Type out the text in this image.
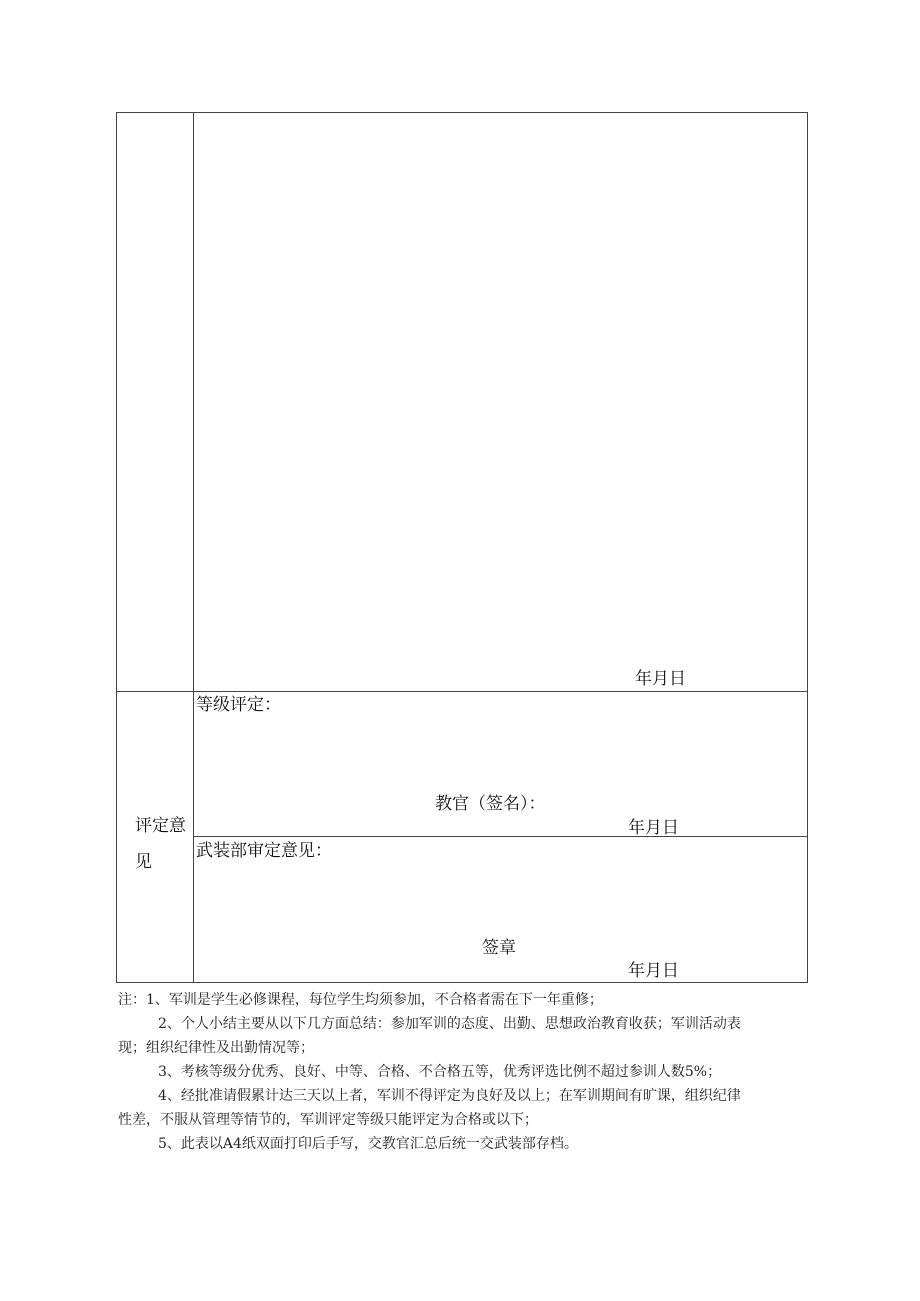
年月日
评定意
见
等级评定：
教官（签名）：
年月日
武装部审定意见：
签章
年月日

注：1、军训是学生必修课程，每位学生均须参加，不合格者需在下一年重修；

2、个人小结主要从以下几方面总结：参加军训的态度、出勤、思想政治教育收获；军训活动表

现；组织纪律性及出勤情况等；

3、考核等级分优秀、良好、中等、合格、不合格五等，优秀评选比例不超过参训人数5%；

4、经批准请假累计达三天以上者，军训不得评定为良好及以上；在军训期间有旷课，组织纪律

性差，不服从管理等情节的，军训评定等级只能评定为合格或以下；

5、此表以A4纸双面打印后手写，交教官汇总后统一交武装部存档。
